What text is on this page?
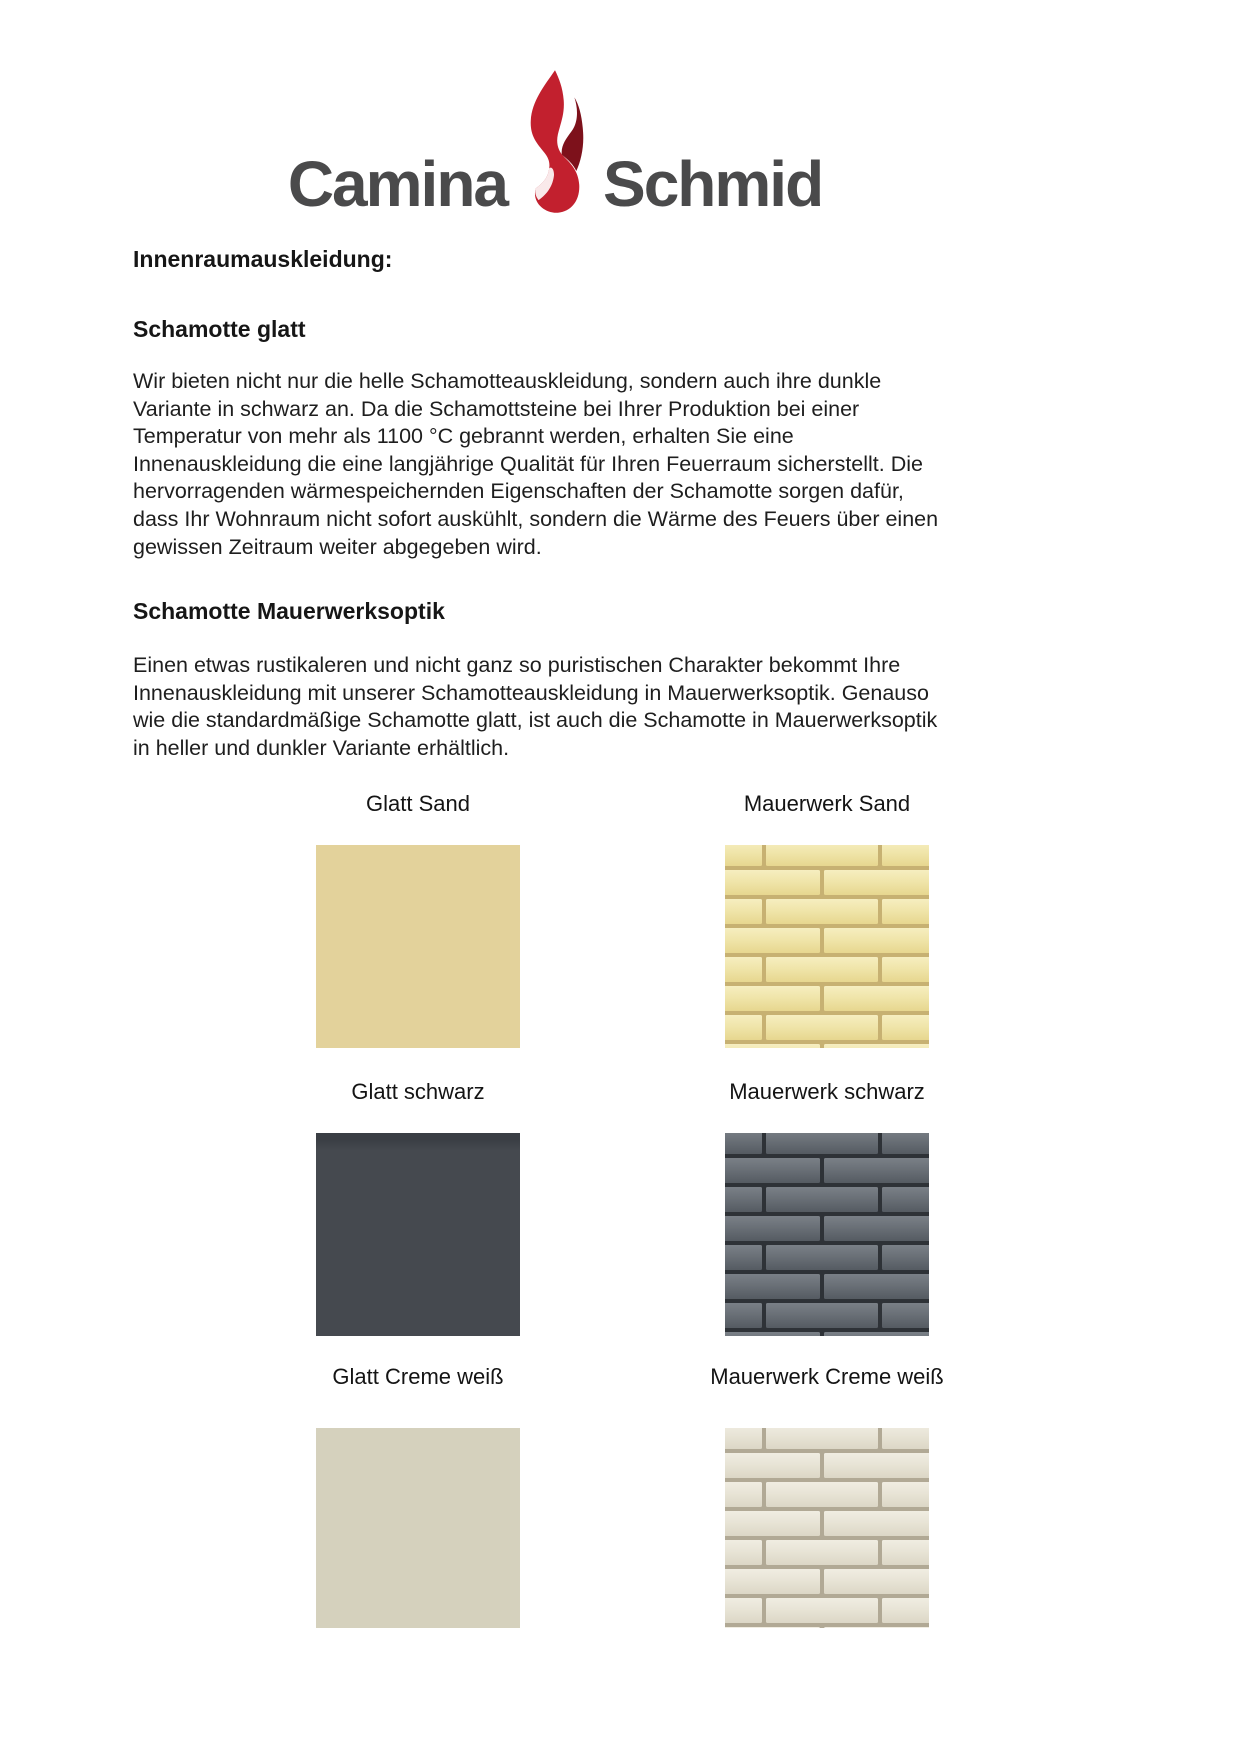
Camina Schmid
Innenraumauskleidung:
Schamotte glatt
Wir bieten nicht nur die helle Schamotteauskleidung, sondern auch ihre dunkle
Variante in schwarz an. Da die Schamottsteine bei Ihrer Produktion bei einer
Temperatur von mehr als 1100 °C gebrannt werden, erhalten Sie eine
Innenauskleidung die eine langjährige Qualität für Ihren Feuerraum sicherstellt. Die
hervorragenden wärmespeichernden Eigenschaften der Schamotte sorgen dafür,
dass Ihr Wohnraum nicht sofort auskühlt, sondern die Wärme des Feuers über einen
gewissen Zeitraum weiter abgegeben wird.
Schamotte Mauerwerksoptik
Einen etwas rustikaleren und nicht ganz so puristischen Charakter bekommt Ihre
Innenauskleidung mit unserer Schamotteauskleidung in Mauerwerksoptik. Genauso
wie die standardmäßige Schamotte glatt, ist auch die Schamotte in Mauerwerksoptik
in heller und dunkler Variante erhältlich.
Glatt Sand	Mauerwerk Sand
Glatt schwarz	Mauerwerk schwarz
Glatt Creme weiß	Mauerwerk Creme weiß
